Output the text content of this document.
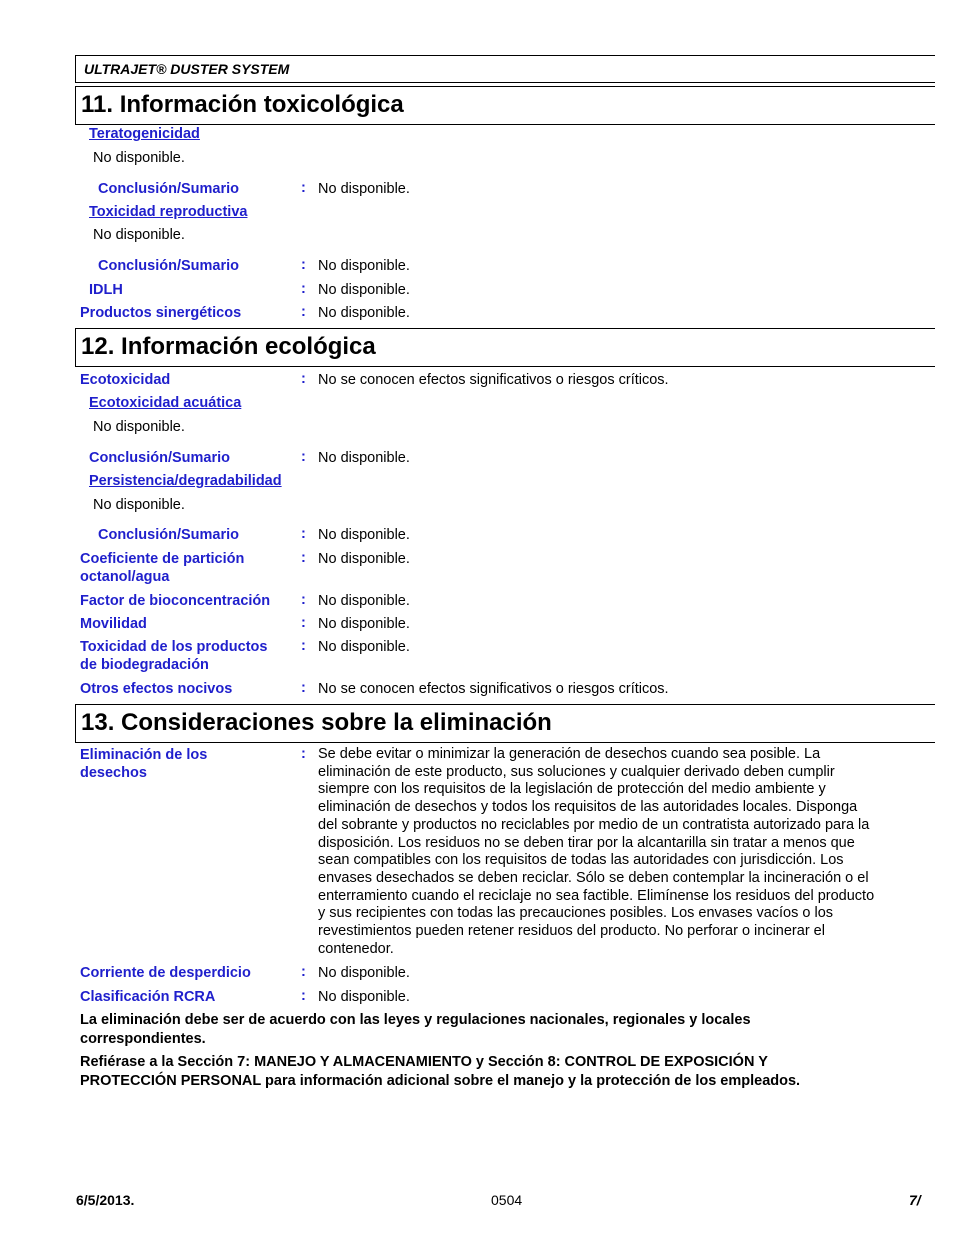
ULTRAJET® DUSTER SYSTEM
11. Información toxicológica
Teratogenicidad
No disponible.
Conclusión/Sumario	: No disponible.
Toxicidad reproductiva
No disponible.
Conclusión/Sumario	: No disponible.
IDLH	: No disponible.
Productos sinergéticos	: No disponible.
12. Información ecológica
Ecotoxicidad	: No se conocen efectos significativos o riesgos críticos.
Ecotoxicidad acuática
No disponible.
Conclusión/Sumario	: No disponible.
Persistencia/degradabilidad
No disponible.
Conclusión/Sumario	: No disponible.
Coeficiente de partición
octanol/agua
: No disponible.
Factor de bioconcentración : No disponible.
Movilidad	: No disponible.
Toxicidad de los productos
de biodegradación
: No disponible.
Otros efectos nocivos	: No se conocen efectos significativos o riesgos críticos.
13. Consideraciones sobre la eliminación
Eliminación de los
desechos
: Se debe evitar o minimizar la generación de desechos cuando sea posible. La
eliminación de este producto, sus soluciones y cualquier derivado deben cumplir
siempre con los requisitos de la legislación de protección del medio ambiente y
eliminación de desechos y todos los requisitos de las autoridades locales. Disponga
del sobrante y productos no reciclables por medio de un contratista autorizado para la
disposición. Los residuos no se deben tirar por la alcantarilla sin tratar a menos que
sean compatibles con los requisitos de todas las autoridades con jurisdicción. Los
envases desechados se deben reciclar. Sólo se deben contemplar la incineración o el
enterramiento cuando el reciclaje no sea factible. Elimínense los residuos del producto
y sus recipientes con todas las precauciones posibles. Los envases vacíos o los
revestimientos pueden retener residuos del producto. No perforar o incinerar el
contenedor.
Corriente de desperdicio	: No disponible.
Clasificación RCRA	: No disponible.
La eliminación debe ser de acuerdo con las leyes y regulaciones nacionales, regionales y locales
correspondientes.
Refiérase a la Sección 7: MANEJO Y ALMACENAMIENTO y Sección 8: CONTROL DE EXPOSICIÓN Y
PROTECCIÓN PERSONAL para información adicional sobre el manejo y la protección de los empleados.
6/5/2013.	0504	7/
